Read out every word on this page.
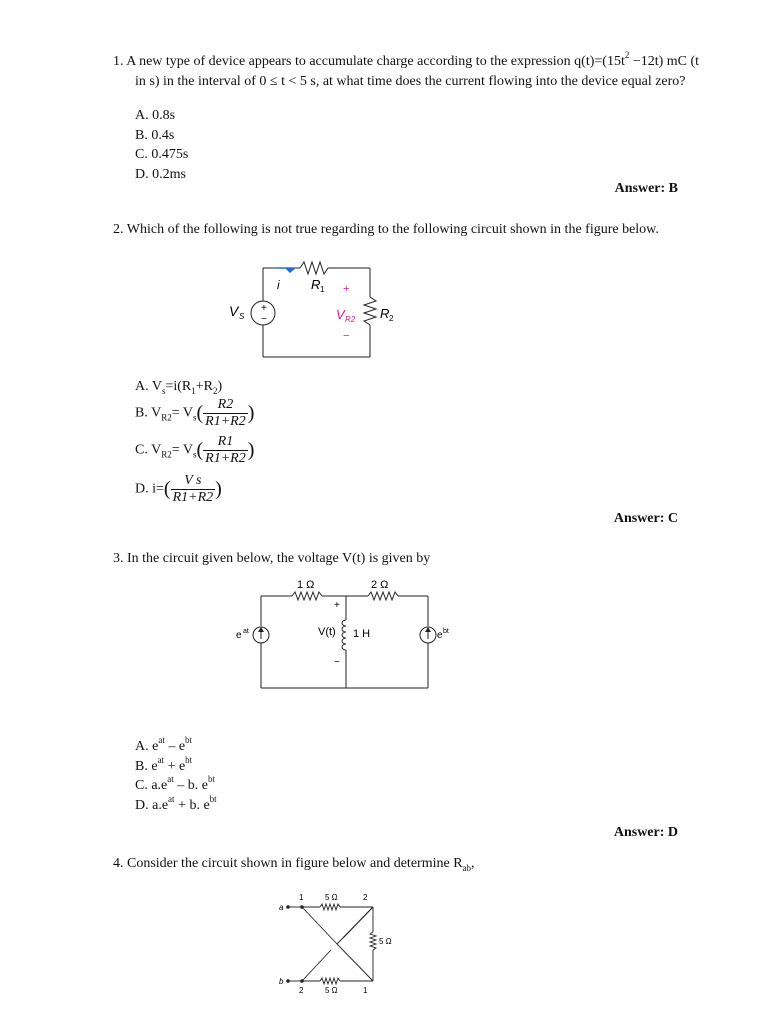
1. A new type of device appears to accumulate charge according to the expression $q(t)=(15t^2 -12t)$ mC (t in s) in the interval of 0 ≤ t < 5 s, at what time does the current flowing into the device equal zero?
A. 0.8s
B. 0.4s
C. 0.475s
D. 0.2ms
Answer: B
2. Which of the following is not true regarding to the following circuit shown in the figure below.
+
−
i R 1 +
−
V S	V R2 R 2
A. $V_s=i(R_1+R_2)$
B. $V_{R2}= V_s( \frac{R2}{R1+R2}$ )
C. $V_{R2}= V_s( \frac{R1}{R1+R2}$ )
D. $i=( \frac{\text{V s}}{R1+R2}$ )
Answer: C
3. In the circuit given below, the voltage V(t) is given by
1 Ω	2 Ω
e at	e bt
V(t) 1 H
+
−
A. $e^{at} - e^{bt}$
B. $e^{at} + e^{bt}$
C. $a.e^{at}$ – b. $e^{bt}$
D. $a.e^{at} + b$. $e^{bt}$
Answer: D
4. Consider the circuit shown in figure below and determine $R_{ab}$,
a
b
1	2
2	1
5 Ω
5 Ω
5 Ω
